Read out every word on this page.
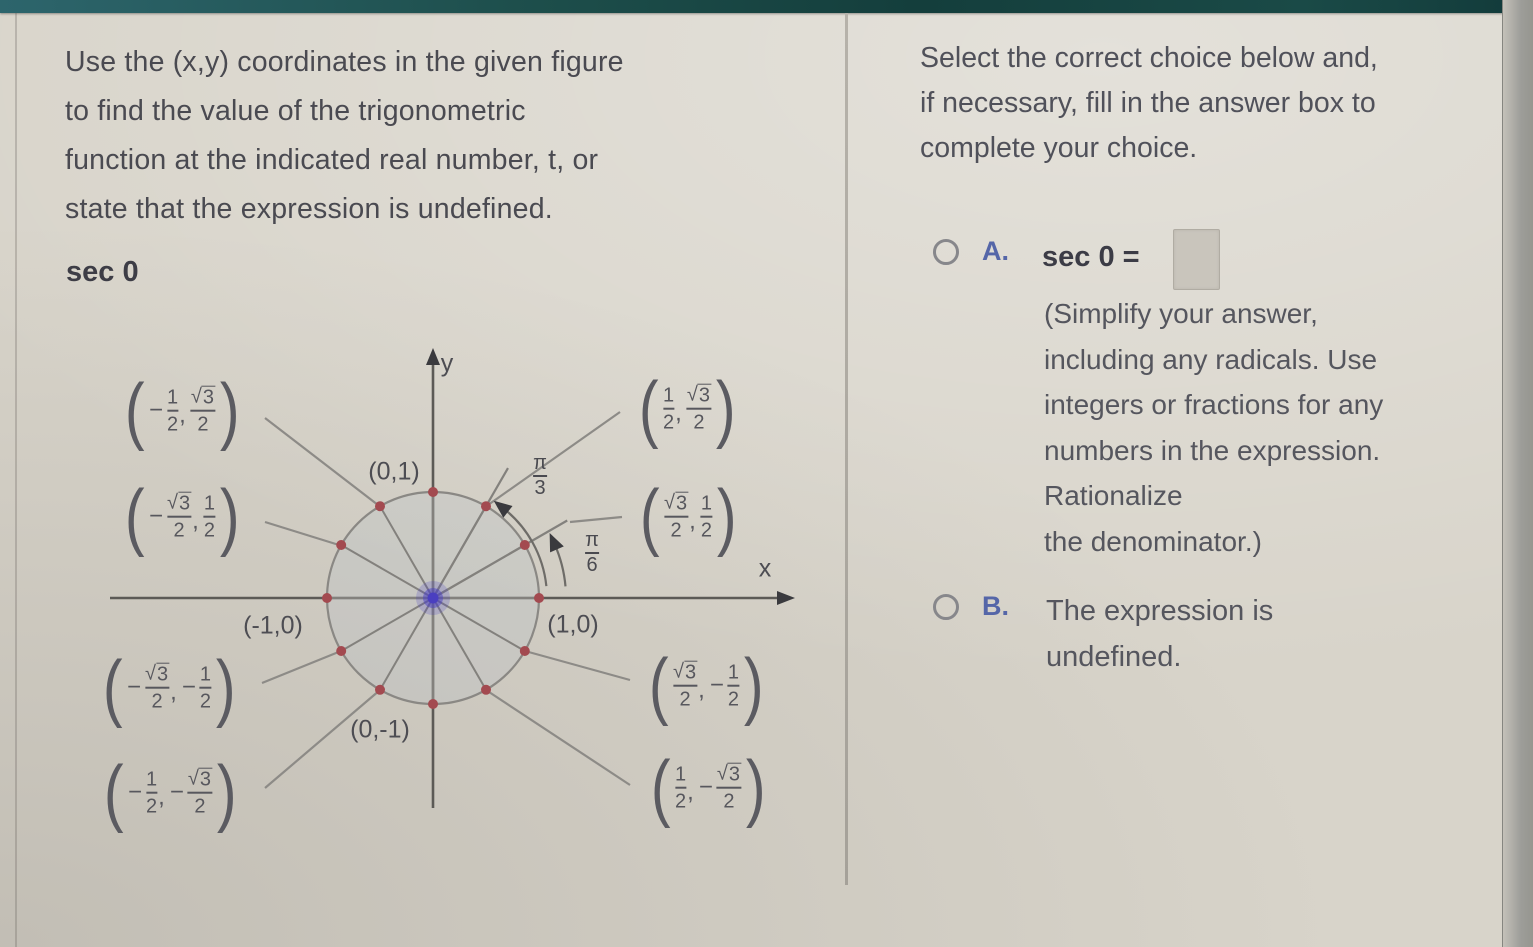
Use the (x,y) coordinates in the given figure
to find the value of the trigonometric
function at the indicated real number, t, or
state that the expression is undefined.
sec 0
x
y
(0,1)
(1,0)
(-1,0)
(0,-1)
π
3
π
6
( − $\frac{1}{2}$ , $\frac{√ 3}{2}$ )
( − $\frac{√ 3}{2}$ , $\frac{1}{2}$ )
( $\frac{1}{2}$ , $\frac{√ 3}{2}$ )
( $\frac{√ 3}{2}$ , $\frac{1}{2}$ )
( − $\frac{√ 3}{2}$ , − $\frac{1}{2}$ )
( − $\frac{1}{2}$ , − $\frac{√ 3}{2}$ )
( $\frac{√ 3}{2}$ , − $\frac{1}{2}$ )
( $\frac{1}{2}$ , − $\frac{√ 3}{2}$ )
Select the correct choice below and,
if necessary, fill in the answer box to
complete your choice.
A. sec 0 =
(Simplify your answer,
including any radicals. Use
integers or fractions for any
numbers in the expression.
Rationalize
the denominator.)
B. The expression is
undefined.
